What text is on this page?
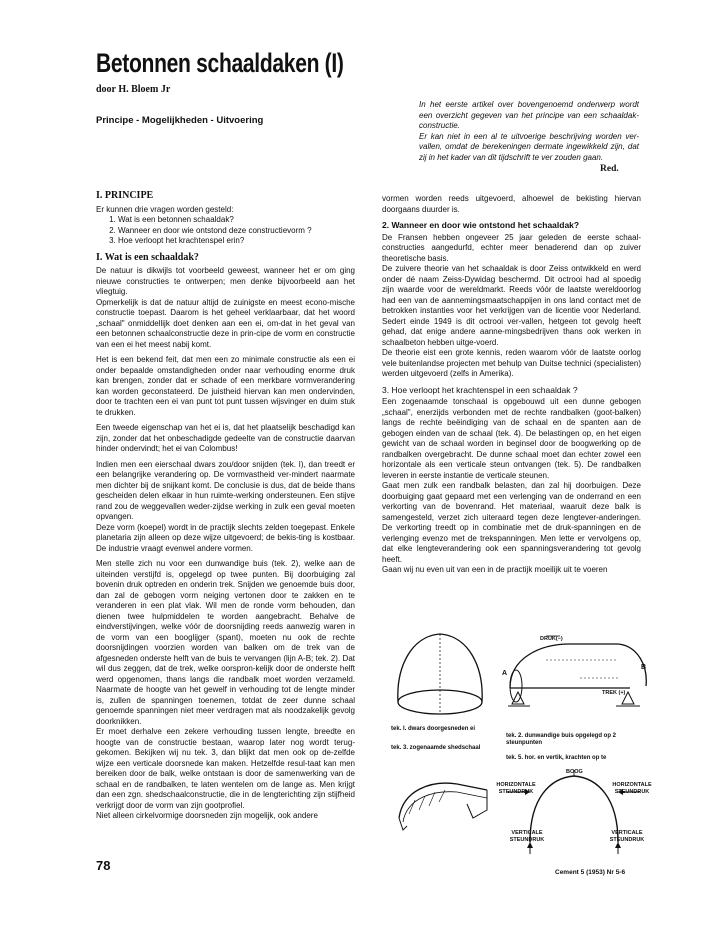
Betonnen schaaldaken (I)
door H. Bloem Jr
Principe - Mogelijkheden - Uitvoering

In het eerste artikel over bovengenoemd onderwerp wordt een overzicht gegeven van het principe van een schaaldak-constructie.

Er kan niet in een al te uitvoerige beschrijving worden ver-vallen, omdat de berekeningen dermate ingewikkeld zijn, dat zij in het kader van dit tijdschrift te ver zouden gaan.

Red.
I. PRINCIPE

Er kunnen drie vragen worden gesteld:

1. Wat is een betonnen schaaldak?
2. Wanneer en door wie ontstond deze constructievorm ?
3. Hoe verloopt het krachtenspel erin?
I. Wat is een schaaldak?

De natuur is dikwijls tot voorbeeld geweest, wanneer het er om ging nieuwe constructies te ontwerpen; men denke bijvoorbeeld aan het vliegtuig.

Opmerkelijk is dat de natuur altijd de zuinigste en meest econo-mische constructie toepast. Daarom is het geheel verklaarbaar, dat het woord „schaal" onmiddellijk doet denken aan een ei, om-dat in het geval van een betonnen schaalconstructie deze in prin-cipe de vorm en constructie van een ei het meest nabij komt.

Het is een bekend feit, dat men een zo minimale constructie als een ei onder bepaalde omstandigheden onder naar verhouding enorme druk kan brengen, zonder dat er schade of een merkbare vormverandering kan worden geconstateerd. De juistheid hiervan kan men ondervinden, door te trachten een ei van punt tot punt tussen wijsvinger en duim stuk te drukken.

Een tweede eigenschap van het ei is, dat het plaatselijk beschadigd kan zijn, zonder dat het onbeschadigde gedeelte van de constructie daarvan hinder ondervindt; het ei van Colombus!

Indien men een eierschaal dwars zou/door snijden (tek. I), dan treedt er een belangrijke verandering op. De vormvastheid ver-mindert naarmate men dichter bij de snijkant komt. De conclusie is dus, dat de beide thans gescheiden delen elkaar in hun ruimte-werking ondersteunen. Een stijve rand zou de weggevallen weder-zijdse werking in zulk een geval moeten opvangen.

Deze vorm (koepel) wordt in de practijk slechts zelden toegepast. Enkele planetaria zijn alleen op deze wijze uitgevoerd; de bekis-ting is kostbaar. De industrie vraagt evenwel andere vormen.

Men stelle zich nu voor een dunwandige buis (tek. 2), welke aan de uiteinden verstijfd is, opgelegd op twee punten. Bij doorbuiging zal bovenin druk optreden en onderin trek. Snijden we genoemde buis door, dan zal de gebogen vorm neiging vertonen door te zakken en te veranderen in een plat vlak. Wil men de ronde vorm behouden, dan dienen twee hulpmiddelen te worden aangebracht. Behalve de eindverstijvingen, welke vóór de doorsnijding reeds aanwezig waren in de vorm van een booglijger (spant), moeten nu ook de rechte doorsnijdingen voorzien worden van balken om de trek van de afgesneden onderste helft van de buis te vervangen (lijn A-B; tek. 2). Dat wil dus zeggen, dat de trek, welke oorspron-kelijk door de onderste helft werd opgenomen, thans langs die randbalk moet worden verzameld. Naarmate de hoogte van het gewelf in verhouding tot de lengte minder is, zullen de spanningen toenemen, totdat de zeer dunne schaal genoemde spanningen niet meer verdragen mat als noodzakelijk gevolg doorknikken.

Er moet derhalve een zekere verhouding tussen lengte, breedte en hoogte van de constructie bestaan, waarop later nog wordt terug-gekomen. Bekijken wij nu tek. 3, dan blijkt dat men ook op de-zelfde wijze een verticale doorsnede kan maken. Hetzelfde resul-taat kan men bereiken door de balk, welke ontstaan is door de samenwerking van de schaal en de randbalken, te laten wentelen om de lange as. Men krijgt dan een zgn. shedschaalconstructie, die in de lengterichting zijn stijfheid verkrijgt door de vorm van zijn gootprofiel.

Niet alleen cirkelvormige doorsneden zijn mogelijk, ook andere

vormen worden reeds uitgevoerd, alhoewel de bekisting hiervan doorgaans duurder is.

2. Wanneer en door wie ontstond het schaaldak?

De Fransen hebben ongeveer 25 jaar geleden de eerste schaal-constructies aangedurfd, echter meer benaderend dan op zuiver theoretische basis.

De zuivere theorie van het schaaldak is door Zeiss ontwikkeld en werd onder dé naam Zeiss-Dywidag beschermd. Dit octrooi had al spoedig zijn waarde voor de wereldmarkt. Reeds vóór de laatste wereldoorlog had een van de aannemingsmaatschappijen in ons land contact met de betrokken instanties voor het verkrijgen van de licentie voor Nederland. Sedert einde 1949 is dit octrooi ver-vallen, hetgeen tot gevolg heeft gehad, dat enige andere aanne-mingsbedrijven thans ook werken in schaalbeton hebben uitge-voerd.

De theorie eist een grote kennis, reden waarom vóór de laatste oorlog vele buitenlandse projecten met behulp van Duitse technici (specialisten) werden uitgevoerd (zelfs in Amerika).

3. Hoe verloopt het krachtenspel in een schaaldak ?

Een zogenaamde tonschaal is opgebouwd uit een dunne gebogen „schaal", enerzijds verbonden met de rechte randbalken (goot-balken) langs de rechte beëindiging van de schaal en de spanten aan de gebogen einden van de schaal (tek. 4). De belastingen op, en het eigen gewicht van de schaal worden in beginsel door de boogwerking op de randbalken overgebracht. De dunne schaal moet dan echter zowel een horizontale als een verticale steun ontvangen (tek. 5). De randbalken leveren in eerste instantie de verticale steunen.

Gaat men zulk een randbalk belasten, dan zal hij doorbuigen. Deze doorbuiging gaat gepaard met een verlenging van de onderrand en een verkorting van de bovenrand. Het materiaal, waaruit deze balk is samengesteld, verzet zich uiteraard tegen deze lengtever-anderingen. De verkorting treedt op in combinatie met de druk-spanningen en de verlenging evenzo met de trekspanningen. Men lette er vervolgens op, dat elke lengteverandering ook een spanningsverandering tot gevolg heeft.

Gaan wij nu even uit van een in de practijk moeilijk uit te voeren

DRUK(−)
TREK (+)
A
B
tek. I. dwars doorgesneden ei
tek. 2. dunwandige buis opgelegd op 2 steunpunten
tek. 3. zogenaamde shedschaal
tek. 5. hor. en vertik, krachten op te
BOOG
HORIZONTALE STEUNDRUK
HORIZONTALE STEUNDRUK
VERTICALE STEUNDRUK
VERTICALE STEUNDRUK
78	Cement 5 (1953) Nr 5-6
